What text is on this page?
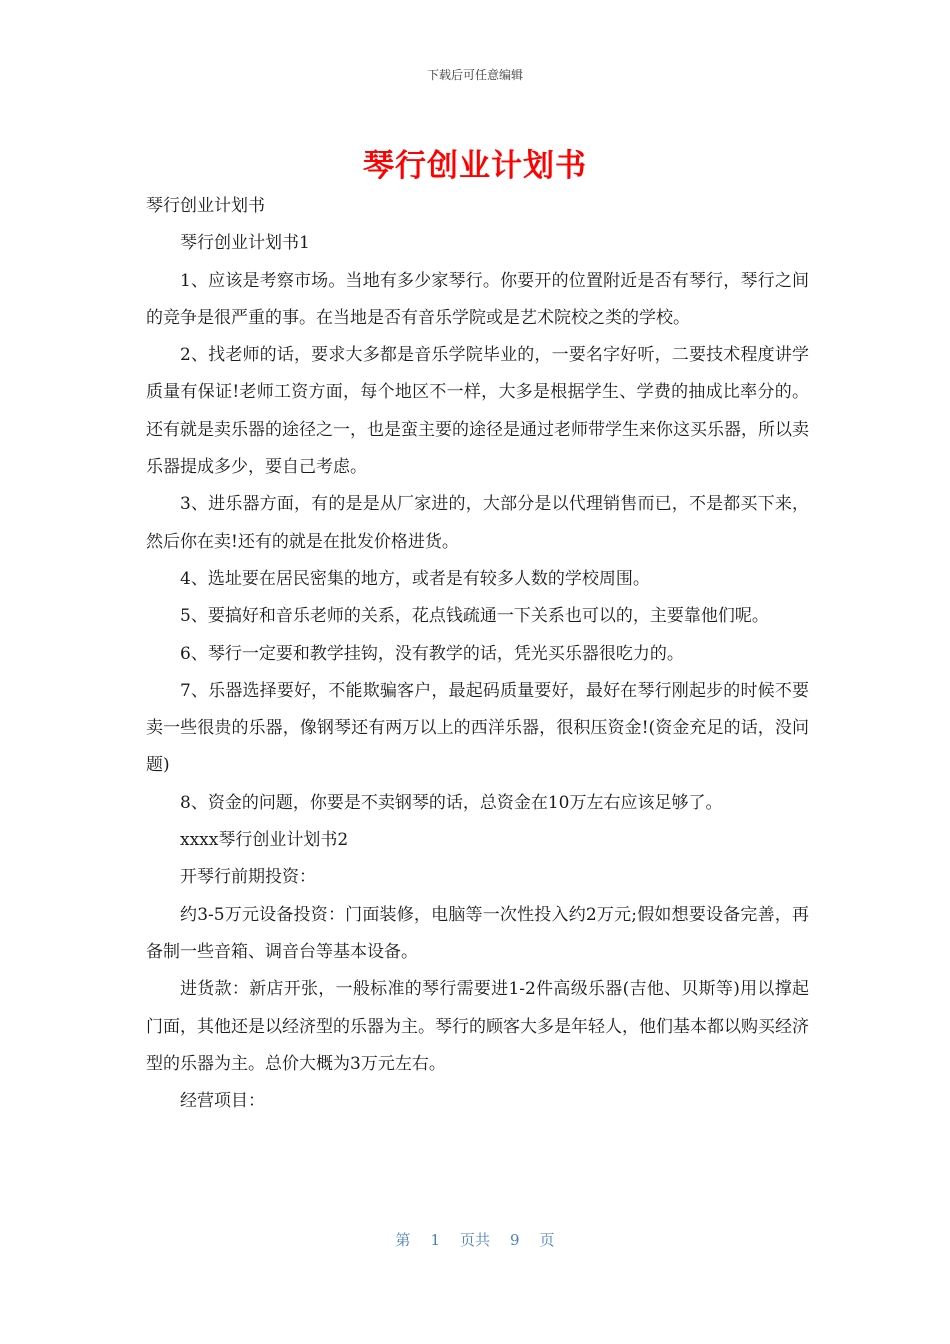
下载后可任意编辑
琴行创业计划书

琴行创业计划书

琴行创业计划书1

1、应该是考察市场。当地有多少家琴行。你要开的位置附近是否有琴行，琴行之间的竞争是很严重的事。在当地是否有音乐学院或是艺术院校之类的学校。

2、找老师的话，要求大多都是音乐学院毕业的，一要名字好听，二要技术程度讲学质量有保证!老师工资方面，每个地区不一样，大多是根据学生、学费的抽成比率分的。还有就是卖乐器的途径之一，也是蛮主要的途径是通过老师带学生来你这买乐器，所以卖乐器提成多少，要自己考虑。

3、进乐器方面，有的是是从厂家进的，大部分是以代理销售而已，不是都买下来，然后你在卖!还有的就是在批发价格进货。

4、选址要在居民密集的地方，或者是有较多人数的学校周围。

5、要搞好和音乐老师的关系，花点钱疏通一下关系也可以的，主要靠他们呢。

6、琴行一定要和教学挂钩，没有教学的话，凭光买乐器很吃力的。

7、乐器选择要好，不能欺骗客户，最起码质量要好，最好在琴行刚起步的时候不要卖一些很贵的乐器，像钢琴还有两万以上的西洋乐器，很积压资金!(资金充足的话，没问题)

8、资金的问题，你要是不卖钢琴的话，总资金在10万左右应该足够了。

xxxx琴行创业计划书2

开琴行前期投资：

约3-5万元设备投资：门面装修，电脑等一次性投入约2万元;假如想要设备完善，再备制一些音箱、调音台等基本设备。

进货款：新店开张，一般标准的琴行需要进1-2件高级乐器(吉他、贝斯等)用以撑起门面，其他还是以经济型的乐器为主。琴行的顾客大多是年轻人，他们基本都以购买经济型的乐器为主。总价大概为3万元左右。

经营项目：

第 1 页共 9 页
